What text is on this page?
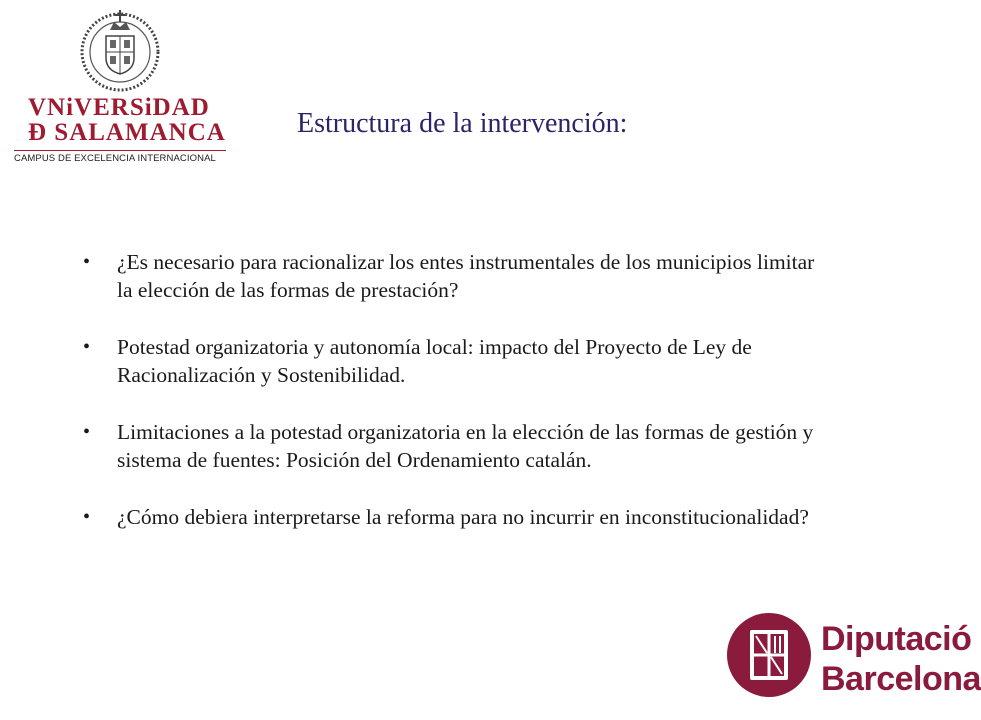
VNiVERSiDAD
Ð SALAMANCA
CAMPUS DE EXCELENCIA INTERNACIONAL
Estructura de la intervención:
• ¿Es necesario para racionalizar los entes instrumentales de los municipios limitar la elección de las formas de prestación?
• Potestad organizatoria y autonomía local: impacto del Proyecto de Ley de Racionalización y Sostenibilidad.
• Limitaciones a la potestad organizatoria en la elección de las formas de gestión y sistema de fuentes: Posición del Ordenamiento catalán.
• ¿Cómo debiera interpretarse la reforma para no incurrir en inconstitucionalidad?
Diputació
Barcelona
